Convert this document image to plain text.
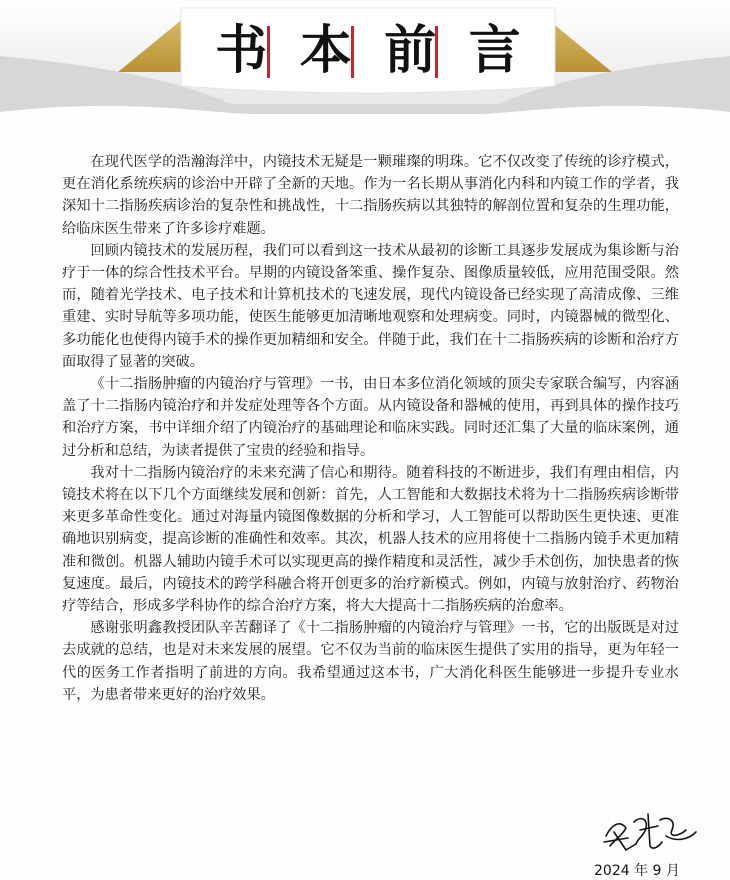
书 本 前 言

在现代医学的浩瀚海洋中，内镜技术无疑是一颗璀璨的明珠。它不仅改变了传统的诊疗模式，更在消化系统疾病的诊治中开辟了全新的天地。作为一名长期从事消化内科和内镜工作的学者，我深知十二指肠疾病诊治的复杂性和挑战性，十二指肠疾病以其独特的解剖位置和复杂的生理功能，给临床医生带来了许多诊疗难题。

回顾内镜技术的发展历程，我们可以看到这一技术从最初的诊断工具逐步发展成为集诊断与治疗于一体的综合性技术平台。早期的内镜设备笨重、操作复杂、图像质量较低，应用范围受限。然而，随着光学技术、电子技术和计算机技术的飞速发展，现代内镜设备已经实现了高清成像、三维重建、实时导航等多项功能，使医生能够更加清晰地观察和处理病变。同时，内镜器械的微型化、多功能化也使得内镜手术的操作更加精细和安全。伴随于此，我们在十二指肠疾病的诊断和治疗方面取得了显著的突破。

《十二指肠肿瘤的内镜治疗与管理》一书，由日本多位消化领域的顶尖专家联合编写，内容涵盖了十二指肠内镜治疗和并发症处理等各个方面。从内镜设备和器械的使用，再到具体的操作技巧和治疗方案，书中详细介绍了内镜治疗的基础理论和临床实践。同时还汇集了大量的临床案例，通过分析和总结，为读者提供了宝贵的经验和指导。

我对十二指肠内镜治疗的未来充满了信心和期待。随着科技的不断进步，我们有理由相信，内镜技术将在以下几个方面继续发展和创新：首先，人工智能和大数据技术将为十二指肠疾病诊断带来更多革命性变化。通过对海量内镜图像数据的分析和学习，人工智能可以帮助医生更快速、更准确地识别病变，提高诊断的准确性和效率。其次，机器人技术的应用将使十二指肠内镜手术更加精准和微创。机器人辅助内镜手术可以实现更高的操作精度和灵活性，减少手术创伤，加快患者的恢复速度。最后，内镜技术的跨学科融合将开创更多的治疗新模式。例如，内镜与放射治疗、药物治疗等结合，形成多学科协作的综合治疗方案，将大大提高十二指肠疾病的治愈率。

感谢张明鑫教授团队辛苦翻译了《十二指肠肿瘤的内镜治疗与管理》一书，它的出版既是对过去成就的总结，也是对未来发展的展望。它不仅为当前的临床医生提供了实用的指导，更为年轻一代的医务工作者指明了前进的方向。我希望通过这本书，广大消化科医生能够进一步提升专业水平，为患者带来更好的治疗效果。

2024 年 9 月
